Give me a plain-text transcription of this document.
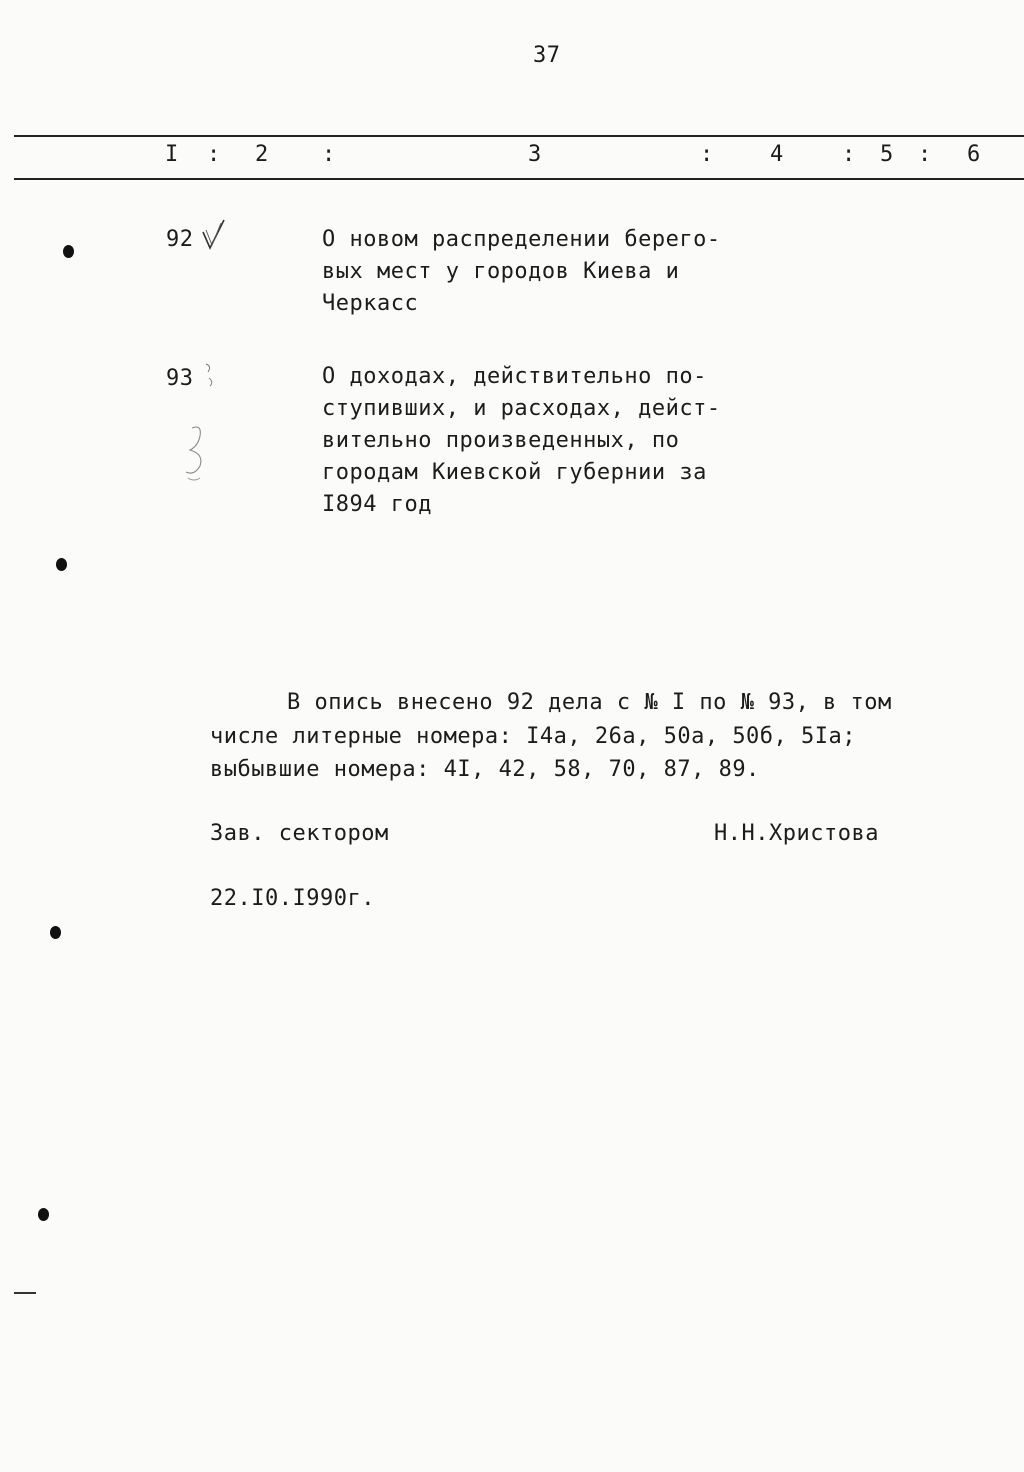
37
I : 2 :	3	:	4	: 5 : 6
92	О новом распределении берего-
вых мест у городов Киева и
Черкасс
93	О доходах, действительно по-
ступивших, и расходах, дейст-
вительно произведенных, по
городам Киевской губернии за
I894 год
В опись внесено 92 дела с № I по № 93, в том
числе литерные номера: I4а, 26а, 50а, 50б, 5Iа;
выбывшие номера: 4I, 42, 58, 70, 87, 89.
Зав. сектором	Н.Н.Христова
22.I0.I990г.
